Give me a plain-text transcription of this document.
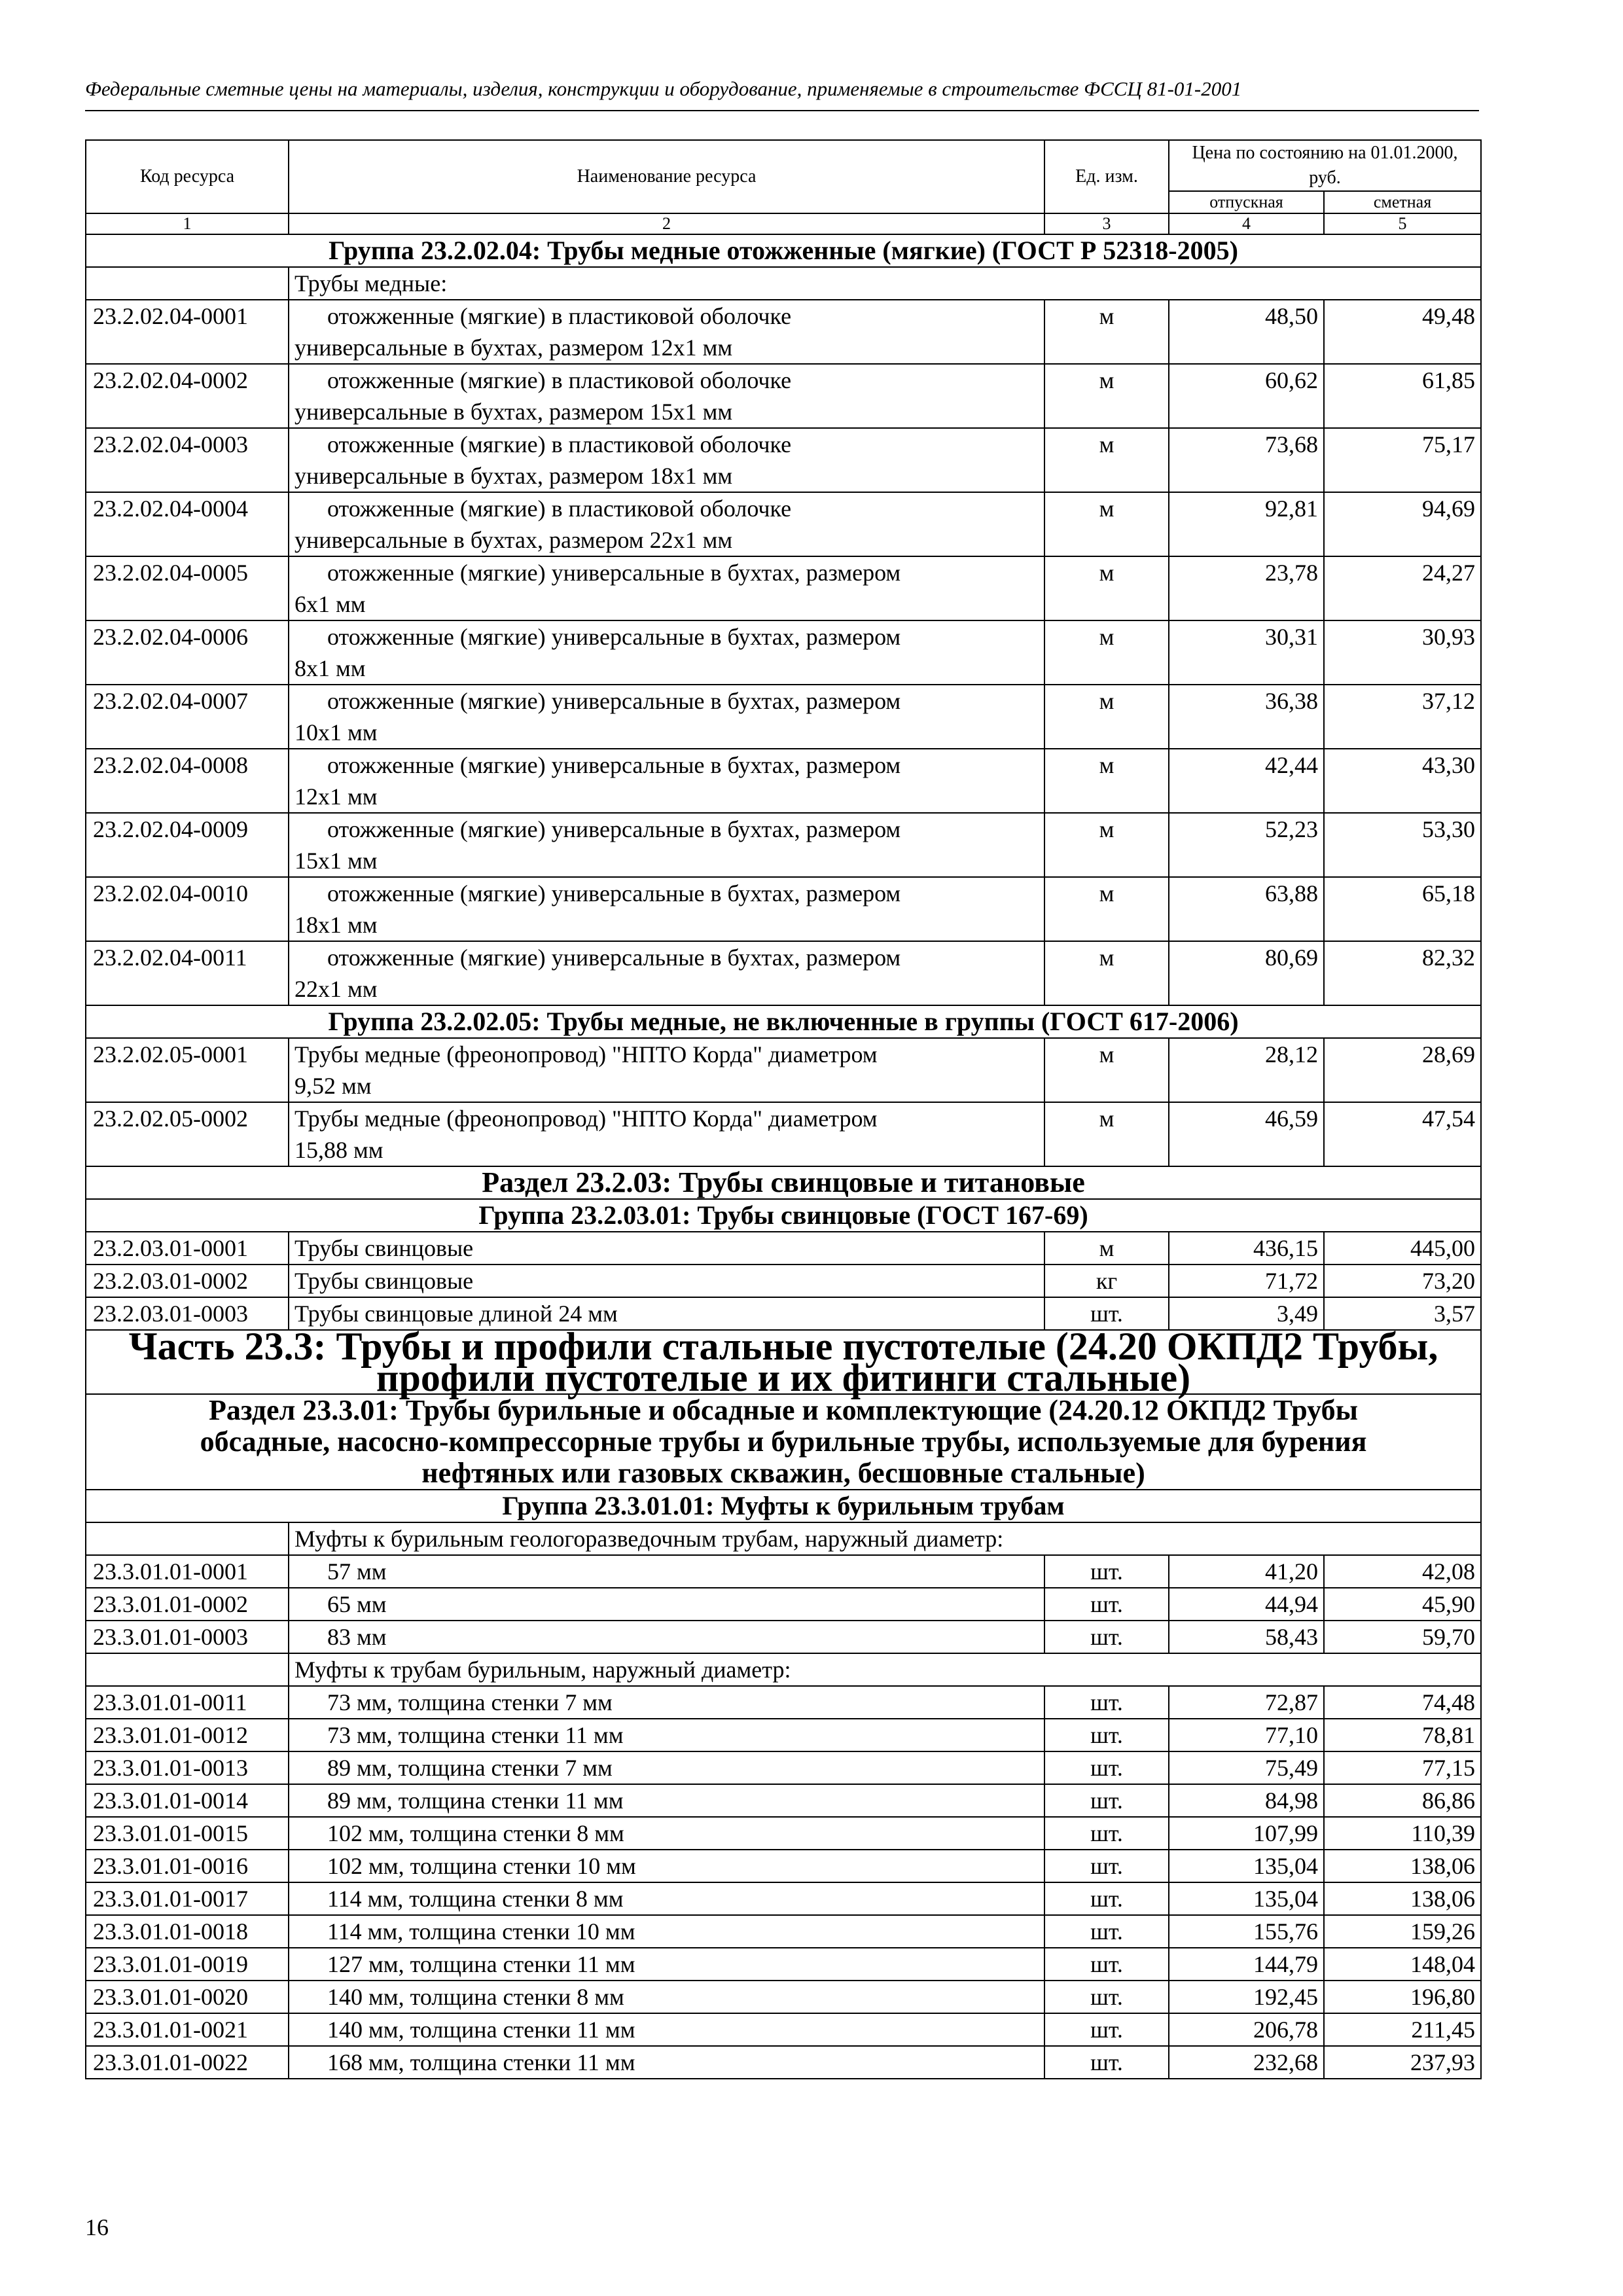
Федеральные сметные цены на материалы, изделия, конструкции и оборудование, применяемые в строительстве ФССЦ 81-01-2001
Код ресурса	Наименование ресурса	Ед. изм.	Цена по состоянию на 01.01.2000, руб.	
			отпускная	сметная
1	2	3	4	5
Группа 23.2.02.04: Трубы медные отожженные (мягкие) (ГОСТ Р 52318-2005)				
	Трубы медные:			
23.2.02.04-0001	отожженные (мягкие) в пластиковой оболочке
универсальные в бухтах, размером 12x1 мм	м	48,50	49,48
23.2.02.04-0002	отожженные (мягкие) в пластиковой оболочке
универсальные в бухтах, размером 15x1 мм	м	60,62	61,85
23.2.02.04-0003	отожженные (мягкие) в пластиковой оболочке
универсальные в бухтах, размером 18x1 мм	м	73,68	75,17
23.2.02.04-0004	отожженные (мягкие) в пластиковой оболочке
универсальные в бухтах, размером 22x1 мм	м	92,81	94,69
23.2.02.04-0005	отожженные (мягкие) универсальные в бухтах, размером
6x1 мм	м	23,78	24,27
23.2.02.04-0006	отожженные (мягкие) универсальные в бухтах, размером
8x1 мм	м	30,31	30,93
23.2.02.04-0007	отожженные (мягкие) универсальные в бухтах, размером
10x1 мм	м	36,38	37,12
23.2.02.04-0008	отожженные (мягкие) универсальные в бухтах, размером
12x1 мм	м	42,44	43,30
23.2.02.04-0009	отожженные (мягкие) универсальные в бухтах, размером
15x1 мм	м	52,23	53,30
23.2.02.04-0010	отожженные (мягкие) универсальные в бухтах, размером
18x1 мм	м	63,88	65,18
23.2.02.04-0011	отожженные (мягкие) универсальные в бухтах, размером
22x1 мм	м	80,69	82,32
Группа 23.2.02.05: Трубы медные, не включенные в группы (ГОСТ 617-2006)				
23.2.02.05-0001	Трубы медные (фреонопровод) "НПТО Корда" диаметром
9,52 мм	м	28,12	28,69
23.2.02.05-0002	Трубы медные (фреонопровод) "НПТО Корда" диаметром
15,88 мм	м	46,59	47,54
Раздел 23.2.03: Трубы свинцовые и титановые				
Группа 23.2.03.01: Трубы свинцовые (ГОСТ 167-69)				
23.2.03.01-0001	Трубы свинцовые	м	436,15	445,00
23.2.03.01-0002	Трубы свинцовые	кг	71,72	73,20
23.2.03.01-0003	Трубы свинцовые длиной 24 мм	шт.	3,49	3,57

Часть 23.3: Трубы и профили стальные пустотелые (24.20 ОКПД2 Трубы,
профили пустотелые и их фитинги стальные)				

Раздел 23.3.01: Трубы бурильные и обсадные и комплектующие (24.20.12 ОКПД2 Трубы
обсадные, насосно-компрессорные трубы и бурильные трубы, используемые для бурения
нефтяных или газовых скважин, бесшовные стальные)				

Группа 23.3.01.01: Муфты к бурильным трубам				
	Муфты к бурильным геологоразведочным трубам, наружный диаметр:			
23.3.01.01-0001	57 мм	шт.	41,20	42,08
23.3.01.01-0002	65 мм	шт.	44,94	45,90
23.3.01.01-0003	83 мм	шт.	58,43	59,70
	Муфты к трубам бурильным, наружный диаметр:			
23.3.01.01-0011	73 мм, толщина стенки 7 мм	шт.	72,87	74,48
23.3.01.01-0012	73 мм, толщина стенки 11 мм	шт.	77,10	78,81
23.3.01.01-0013	89 мм, толщина стенки 7 мм	шт.	75,49	77,15
23.3.01.01-0014	89 мм, толщина стенки 11 мм	шт.	84,98	86,86
23.3.01.01-0015	102 мм, толщина стенки 8 мм	шт.	107,99	110,39
23.3.01.01-0016	102 мм, толщина стенки 10 мм	шт.	135,04	138,06
23.3.01.01-0017	114 мм, толщина стенки 8 мм	шт.	135,04	138,06
23.3.01.01-0018	114 мм, толщина стенки 10 мм	шт.	155,76	159,26
23.3.01.01-0019	127 мм, толщина стенки 11 мм	шт.	144,79	148,04
23.3.01.01-0020	140 мм, толщина стенки 8 мм	шт.	192,45	196,80
23.3.01.01-0021	140 мм, толщина стенки 11 мм	шт.	206,78	211,45
23.3.01.01-0022	168 мм, толщина стенки 11 мм	шт.	232,68	237,93
16
